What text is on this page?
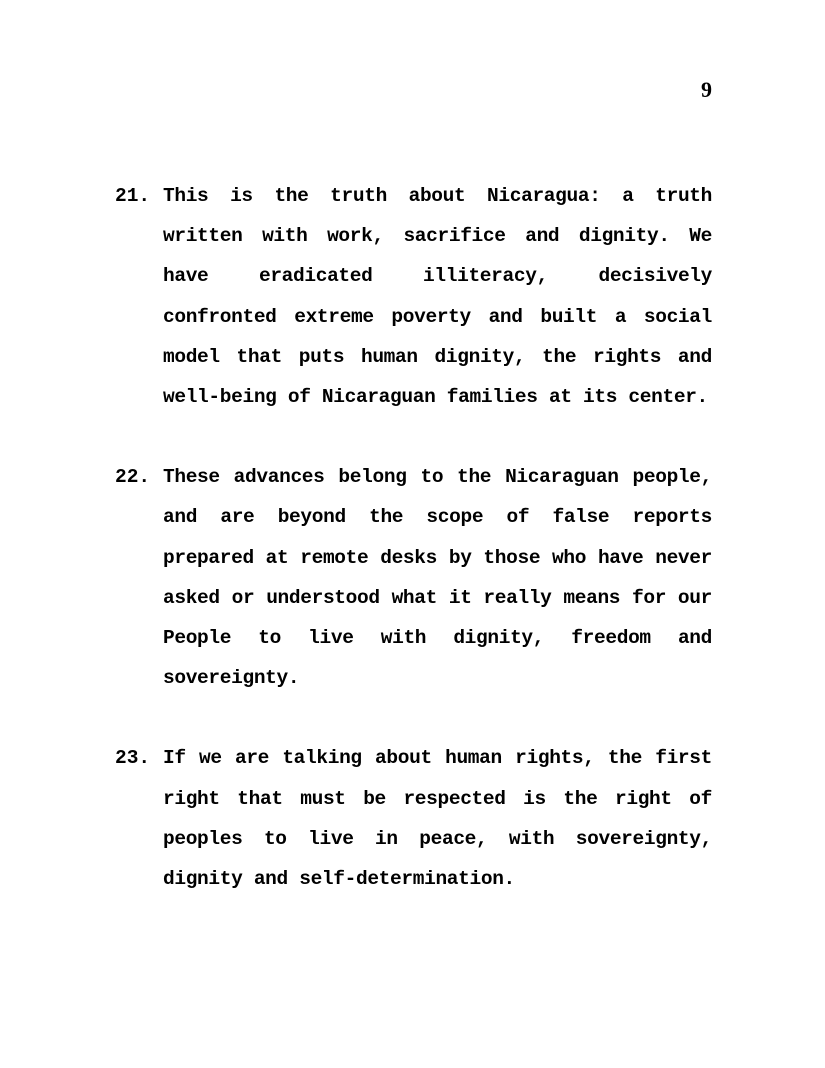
9
21. This is the truth about Nicaragua: a truth written with work, sacrifice and dignity. We have eradicated illiteracy, decisively confronted extreme poverty and built a social model that puts human dignity, the rights and well-being of Nicaraguan families at its center.
22. These advances belong to the Nicaraguan people, and are beyond the scope of false reports prepared at remote desks by those who have never asked or understood what it really means for our People to live with dignity, freedom and sovereignty.
23. If we are talking about human rights, the first right that must be respected is the right of peoples to live in peace, with sovereignty, dignity and self-determination.
